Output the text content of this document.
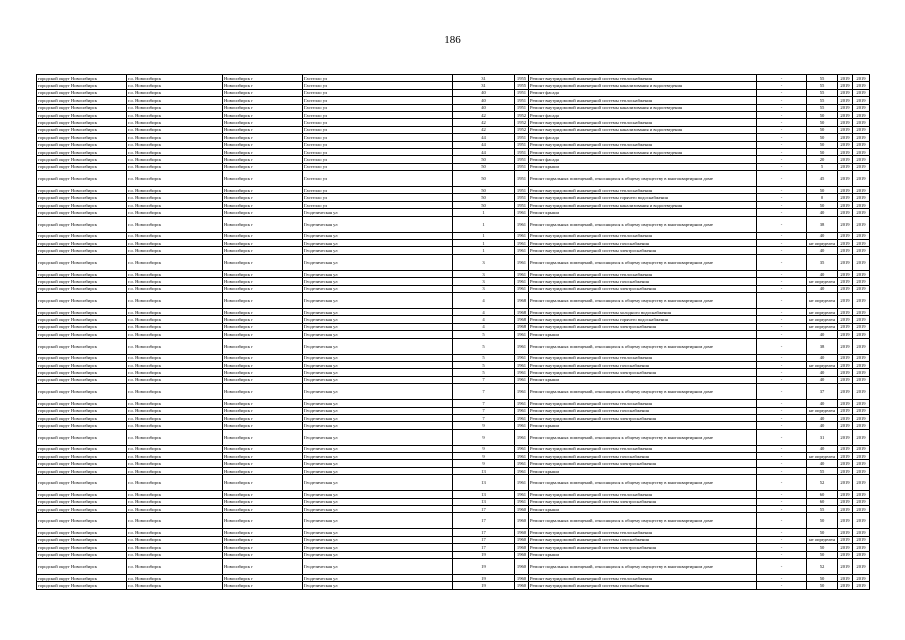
186
городской округ Новосибирск	г.о. Новосибирск	Новосибирск г	Гастелло ул	31	1955	Ремонт внутридомовой инженерной системы теплоснабжения	-	55	2019	2019
городской округ Новосибирск	г.о. Новосибирск	Новосибирск г	Гастелло ул	31	1955	Ремонт внутридомовой инженерной системы канализования и водоотведения	-	55	2019	2019
городской округ Новосибирск	г.о. Новосибирск	Новосибирск г	Гастелло ул	40	1951	Ремонт фасада	-	55	2019	2019
городской округ Новосибирск	г.о. Новосибирск	Новосибирск г	Гастелло ул	40	1951	Ремонт внутридомовой инженерной системы теплоснабжения	-	55	2019	2019
городской округ Новосибирск	г.о. Новосибирск	Новосибирск г	Гастелло ул	40	1951	Ремонт внутридомовой инженерной системы канализования и водоотведения	-	55	2019	2019
городской округ Новосибирск	г.о. Новосибирск	Новосибирск г	Гастелло ул	42	1952	Ремонт фасада	-	50	2019	2019
городской округ Новосибирск	г.о. Новосибирск	Новосибирск г	Гастелло ул	42	1952	Ремонт внутридомовой инженерной системы теплоснабжения	-	50	2019	2019
городской округ Новосибирск	г.о. Новосибирск	Новосибирск г	Гастелло ул	42	1952	Ремонт внутридомовой инженерной системы канализования и водоотведения	-	50	2019	2019
городской округ Новосибирск	г.о. Новосибирск	Новосибирск г	Гастелло ул	44	1951	Ремонт фасада	-	50	2019	2019
городской округ Новосибирск	г.о. Новосибирск	Новосибирск г	Гастелло ул	44	1951	Ремонт внутридомовой инженерной системы теплоснабжения	-	50	2019	2019
городской округ Новосибирск	г.о. Новосибирск	Новосибирск г	Гастелло ул	44	1951	Ремонт внутридомовой инженерной системы канализования и водоотведения	-	50	2019	2019
городской округ Новосибирск	г.о. Новосибирск	Новосибирск г	Гастелло ул	50	1951	Ремонт фасада	-	20	2019	2019
городской округ Новосибирск	г.о. Новосибирск	Новосибирск г	Гастелло ул	50	1951	Ремонт крыши	-	5	2019	2019
городской округ Новосибирск	г.о. Новосибирск	Новосибирск г	Гастелло ул	50	1951	Ремонт подвальных помещений, относящихся к общему имуществу в многоквартирном доме	-	45	2019	2019
городской округ Новосибирск	г.о. Новосибирск	Новосибирск г	Гастелло ул	50	1951	Ремонт внутридомовой инженерной системы теплоснабжения	-	50	2019	2019
городской округ Новосибирск	г.о. Новосибирск	Новосибирск г	Гастелло ул	50	1951	Ремонт внутридомовой инженерной системы горячего водоснабжения	-	0	2019	2019
городской округ Новосибирск	г.о. Новосибирск	Новосибирск г	Гастелло ул	50	1951	Ремонт внутридомовой инженерной системы канализования и водоотведения	-	50	2019	2019
городской округ Новосибирск	г.о. Новосибирск	Новосибирск г	Геодезическая ул	1	1961	Ремонт крыши	-	40	2019	2019
городской округ Новосибирск	г.о. Новосибирск	Новосибирск г	Геодезическая ул	1	1961	Ремонт подвальных помещений, относящихся к общему имуществу в многоквартирном доме	-	38	2019	2019
городской округ Новосибирск	г.о. Новосибирск	Новосибирск г	Геодезическая ул	1	1961	Ремонт внутридомовой инженерной системы теплоснабжения	-	40	2019	2019
городской округ Новосибирск	г.о. Новосибирск	Новосибирск г	Геодезическая ул	1	1961	Ремонт внутридомовой инженерной системы газоснабжения	-	не определен	2019	2019
городской округ Новосибирск	г.о. Новосибирск	Новосибирск г	Геодезическая ул	1	1961	Ремонт внутридомовой инженерной системы электроснабжения	-	40	2019	2019
городской округ Новосибирск	г.о. Новосибирск	Новосибирск г	Геодезическая ул	3	1961	Ремонт подвальных помещений, относящихся к общему имуществу в многоквартирном доме	-	35	2019	2019
городской округ Новосибирск	г.о. Новосибирск	Новосибирск г	Геодезическая ул	3	1961	Ремонт внутридомовой инженерной системы теплоснабжения	-	40	2019	2019
городской округ Новосибирск	г.о. Новосибирск	Новосибирск г	Геодезическая ул	3	1961	Ремонт внутридомовой инженерной системы газоснабжения	-	не определен	2019	2019
городской округ Новосибирск	г.о. Новосибирск	Новосибирск г	Геодезическая ул	3	1961	Ремонт внутридомовой инженерной системы электроснабжения	-	40	2019	2019
городской округ Новосибирск	г.о. Новосибирск	Новосибирск г	Геодезическая ул	4	1968	Ремонт подвальных помещений, относящихся к общему имуществу в многоквартирном доме	-	не определен	2019	2019
городской округ Новосибирск	г.о. Новосибирск	Новосибирск г	Геодезическая ул	4	1968	Ремонт внутридомовой инженерной системы холодного водоснабжения	-	не определен	2019	2019
городской округ Новосибирск	г.о. Новосибирск	Новосибирск г	Геодезическая ул	4	1968	Ремонт внутридомовой инженерной системы горячего водоснабжения	-	не определен	2019	2019
городской округ Новосибирск	г.о. Новосибирск	Новосибирск г	Геодезическая ул	4	1968	Ремонт внутридомовой инженерной системы электроснабжения	-	не определен	2019	2019
городской округ Новосибирск	г.о. Новосибирск	Новосибирск г	Геодезическая ул	5	1961	Ремонт крыши	-	40	2019	2019
городской округ Новосибирск	г.о. Новосибирск	Новосибирск г	Геодезическая ул	5	1961	Ремонт подвальных помещений, относящихся к общему имуществу в многоквартирном доме	-	38	2019	2019
городской округ Новосибирск	г.о. Новосибирск	Новосибирск г	Геодезическая ул	5	1961	Ремонт внутридомовой инженерной системы теплоснабжения	-	40	2019	2019
городской округ Новосибирск	г.о. Новосибирск	Новосибирск г	Геодезическая ул	5	1961	Ремонт внутридомовой инженерной системы газоснабжения	-	не определен	2019	2019
городской округ Новосибирск	г.о. Новосибирск	Новосибирск г	Геодезическая ул	5	1961	Ремонт внутридомовой инженерной системы электроснабжения	-	40	2019	2019
городской округ Новосибирск	г.о. Новосибирск	Новосибирск г	Геодезическая ул	7	1961	Ремонт крыши	-	40	2019	2019
городской округ Новосибирск	г.о. Новосибирск	Новосибирск г	Геодезическая ул	7	1961	Ремонт подвальных помещений, относящихся к общему имуществу в многоквартирном доме	-	37	2019	2019
городской округ Новосибирск	г.о. Новосибирск	Новосибирск г	Геодезическая ул	7	1961	Ремонт внутридомовой инженерной системы теплоснабжения	-	40	2019	2019
городской округ Новосибирск	г.о. Новосибирск	Новосибирск г	Геодезическая ул	7	1961	Ремонт внутридомовой инженерной системы газоснабжения	-	не определен	2019	2019
городской округ Новосибирск	г.о. Новосибирск	Новосибирск г	Геодезическая ул	7	1961	Ремонт внутридомовой инженерной системы электроснабжения	-	40	2019	2019
городской округ Новосибирск	г.о. Новосибирск	Новосибирск г	Геодезическая ул	9	1961	Ремонт крыши	-	40	2019	2019
городской округ Новосибирск	г.о. Новосибирск	Новосибирск г	Геодезическая ул	9	1961	Ремонт подвальных помещений, относящихся к общему имуществу в многоквартирном доме	-	31	2019	2019
городской округ Новосибирск	г.о. Новосибирск	Новосибирск г	Геодезическая ул	9	1961	Ремонт внутридомовой инженерной системы теплоснабжения	-	40	2019	2019
городской округ Новосибирск	г.о. Новосибирск	Новосибирск г	Геодезическая ул	9	1961	Ремонт внутридомовой инженерной системы газоснабжения	-	не определен	2019	2019
городской округ Новосибирск	г.о. Новосибирск	Новосибирск г	Геодезическая ул	9	1961	Ремонт внутридомовой инженерной системы электроснабжения	-	40	2019	2019
городской округ Новосибирск	г.о. Новосибирск	Новосибирск г	Геодезическая ул	13	1961	Ремонт крыши	-	55	2019	2019
городской округ Новосибирск	г.о. Новосибирск	Новосибирск г	Геодезическая ул	13	1961	Ремонт подвальных помещений, относящихся к общему имуществу в многоквартирном доме	-	52	2019	2019
городской округ Новосибирск	г.о. Новосибирск	Новосибирск г	Геодезическая ул	13	1961	Ремонт внутридомовой инженерной системы теплоснабжения	-	60	2019	2019
городской округ Новосибирск	г.о. Новосибирск	Новосибирск г	Геодезическая ул	13	1961	Ремонт внутридомовой инженерной системы электроснабжения	-	60	2019	2019
городской округ Новосибирск	г.о. Новосибирск	Новосибирск г	Геодезическая ул	17	1960	Ремонт крыши	-	55	2019	2019
городской округ Новосибирск	г.о. Новосибирск	Новосибирск г	Геодезическая ул	17	1960	Ремонт подвальных помещений, относящихся к общему имуществу в многоквартирном доме	-	50	2019	2019
городской округ Новосибирск	г.о. Новосибирск	Новосибирск г	Геодезическая ул	17	1960	Ремонт внутридомовой инженерной системы теплоснабжения	-	50	2019	2019
городской округ Новосибирск	г.о. Новосибирск	Новосибирск г	Геодезическая ул	17	1960	Ремонт внутридомовой инженерной системы газоснабжения	-	не определен	2019	2019
городской округ Новосибирск	г.о. Новосибирск	Новосибирск г	Геодезическая ул	17	1960	Ремонт внутридомовой инженерной системы электроснабжения	-	50	2019	2019
городской округ Новосибирск	г.о. Новосибирск	Новосибирск г	Геодезическая ул	19	1960	Ремонт крыши	-	50	2019	2019
городской округ Новосибирск	г.о. Новосибирск	Новосибирск г	Геодезическая ул	19	1960	Ремонт подвальных помещений, относящихся к общему имуществу в многоквартирном доме	-	52	2019	2019
городской округ Новосибирск	г.о. Новосибирск	Новосибирск г	Геодезическая ул	19	1960	Ремонт внутридомовой инженерной системы теплоснабжения	-	50	2019	2019
городской округ Новосибирск	г.о. Новосибирск	Новосибирск г	Геодезическая ул	19	1960	Ремонт внутридомовой инженерной системы газоснабжения	-	50	2019	2019
